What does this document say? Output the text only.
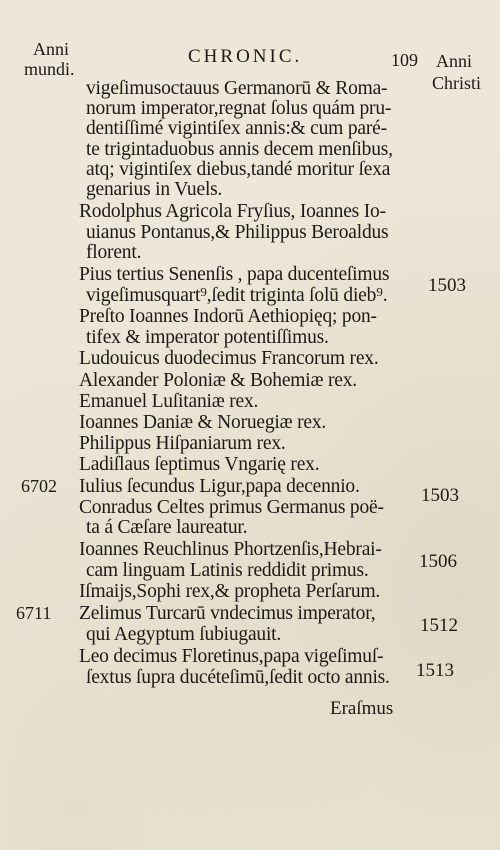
Anni
mundi.
CHRONIC.	109 Anni
Christi
vigeſimusoctauus Germanorū & Roma‑
norum imperator,regnat ſolus quám pru‑
dentiſſimé vigintiſex annis:& cum paré‑
te trigintaduobus annis decem menſibus,
atq; vigintiſex diebus,tandé moritur ſexa
genarius in Vuels.
Rodolphus Agricola Fryſius, Ioannes Io‑
uianus Pontanus,& Philippus Beroaldus
florent.
Pius tertius Senenſis , papa ducenteſimus
vigeſimusquart⁹,ſedit triginta ſolū dieb⁹.
Preſto Ioannes Indorū Aethiopięq; pon‑
tifex & imperator potentiſſimus.
Ludouicus duodecimus Francorum rex.
Alexander Poloniæ & Bohemiæ rex.
Emanuel Luſitaniæ rex.
Ioannes Daniæ & Noruegiæ rex.
Philippus Hiſpaniarum rex.
Ladiſlaus ſeptimus Vngarię rex.
Iulius ſecundus Ligur,papa decennio.
Conradus Celtes primus Germanus poë‑
ta á Cæſare laureatur.
Ioannes Reuchlinus Phortzenſis,Hebrai‑
cam linguam Latinis reddidit primus.
Iſmaijs,Sophi rex,& propheta Perſarum.
Zelimus Turcarū vndecimus imperator,
qui Aegyptum ſubiugauit.
Leo decimus Floretinus,papa vigeſimuſ‑
ſextus ſupra ducéteſimū,ſedit octo annis.
6702
6711
1503
1503
1506
1512
1513
Eraſmus
